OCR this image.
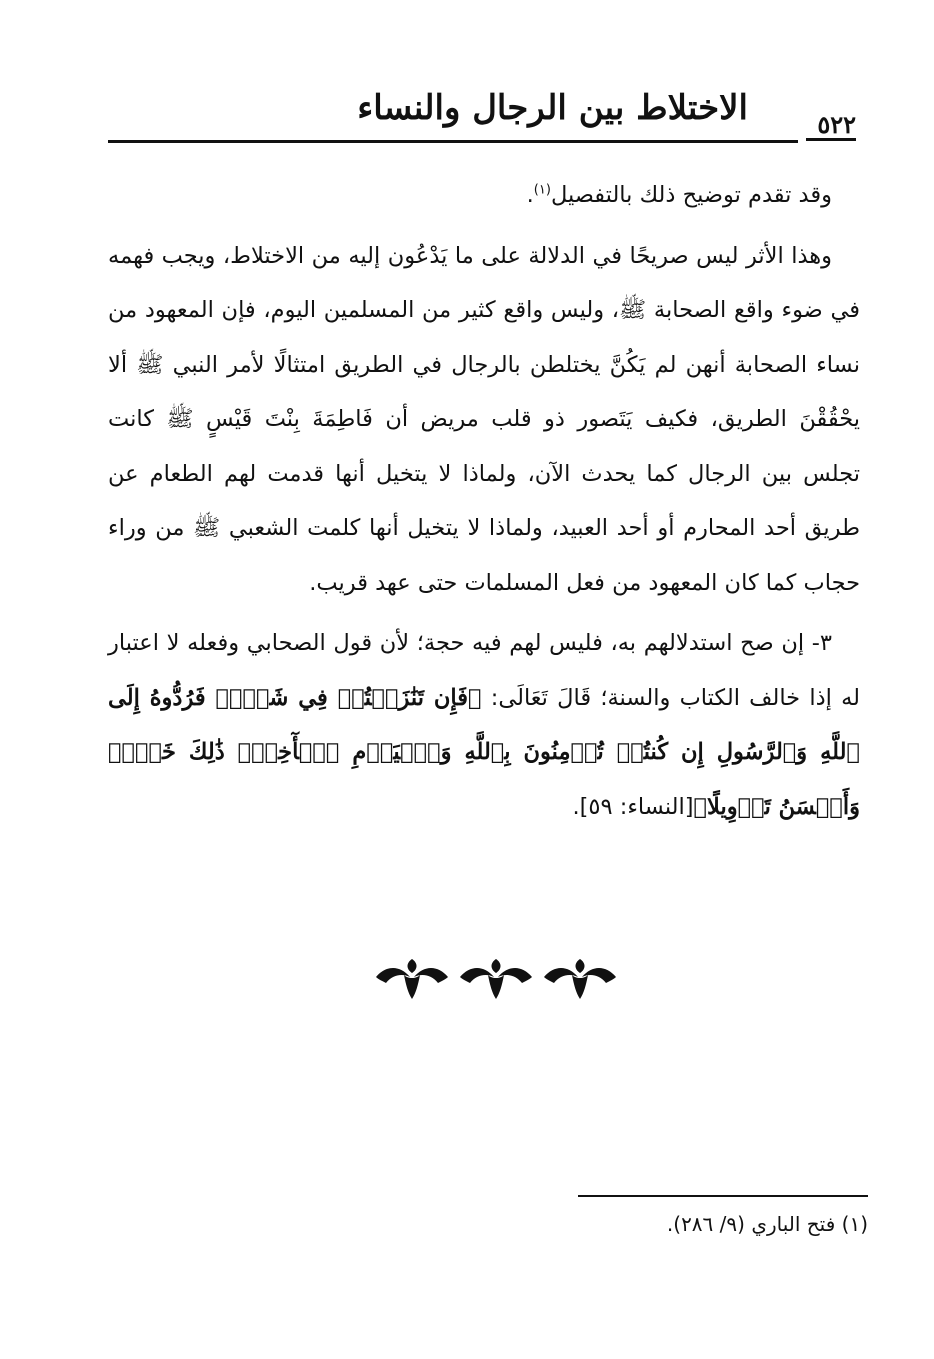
الاختلاط بين الرجال والنساء	٥٢٢

وقد تقدم توضيح ذلك بالتفصيل$^{(١)}$.

وهذا الأثر ليس صريحًا في الدلالة على ما يَدْعُون إليه من الاختلاط، ويجب فهمه في ضوء واقع الصحابة ﷺ، وليس واقع كثير من المسلمين اليوم، فإن المعهود من نساء الصحابة أنهن لم يَكُنَّ يختلطن بالرجال في الطريق امتثالًا لأمر النبي ﷺ ألا يحْقُقْنَ الطريق، فكيف يَتَصور ذو قلب مريض أن فَاطِمَةَ بِنْتَ قَيْسٍ ﷺ كانت تجلس بين الرجال كما يحدث الآن، ولماذا لا يتخيل أنها قدمت لهم الطعام عن طريق أحد المحارم أو أحد العبيد، ولماذا لا يتخيل أنها كلمت الشعبي ﷺ من وراء حجاب كما كان المعهود من فعل المسلمات حتى عهد قريب.

٣- إن صح استدلالهم به، فليس لهم فيه حجة؛ لأن قول الصحابي وفعله لا اعتبار له إذا خالف الكتاب والسنة؛ قَالَ تَعَالَى: ﴿فَإِن تَنَٰزَعۡتُمۡ فِي شَيۡءٖ فَرُدُّوهُ إِلَى ٱللَّهِ وَٱلرَّسُولِ إِن كُنتُمۡ تُؤۡمِنُونَ بِٱللَّهِ وَٱلۡيَوۡمِ ٱلۡأٓخِرِۚ ذَٰلِكَ خَيۡرٞ وَأَحۡسَنُ تَأۡوِيلًا﴾[النساء: ٥٩].

(١) فتح الباري (٩/ ٢٨٦).
